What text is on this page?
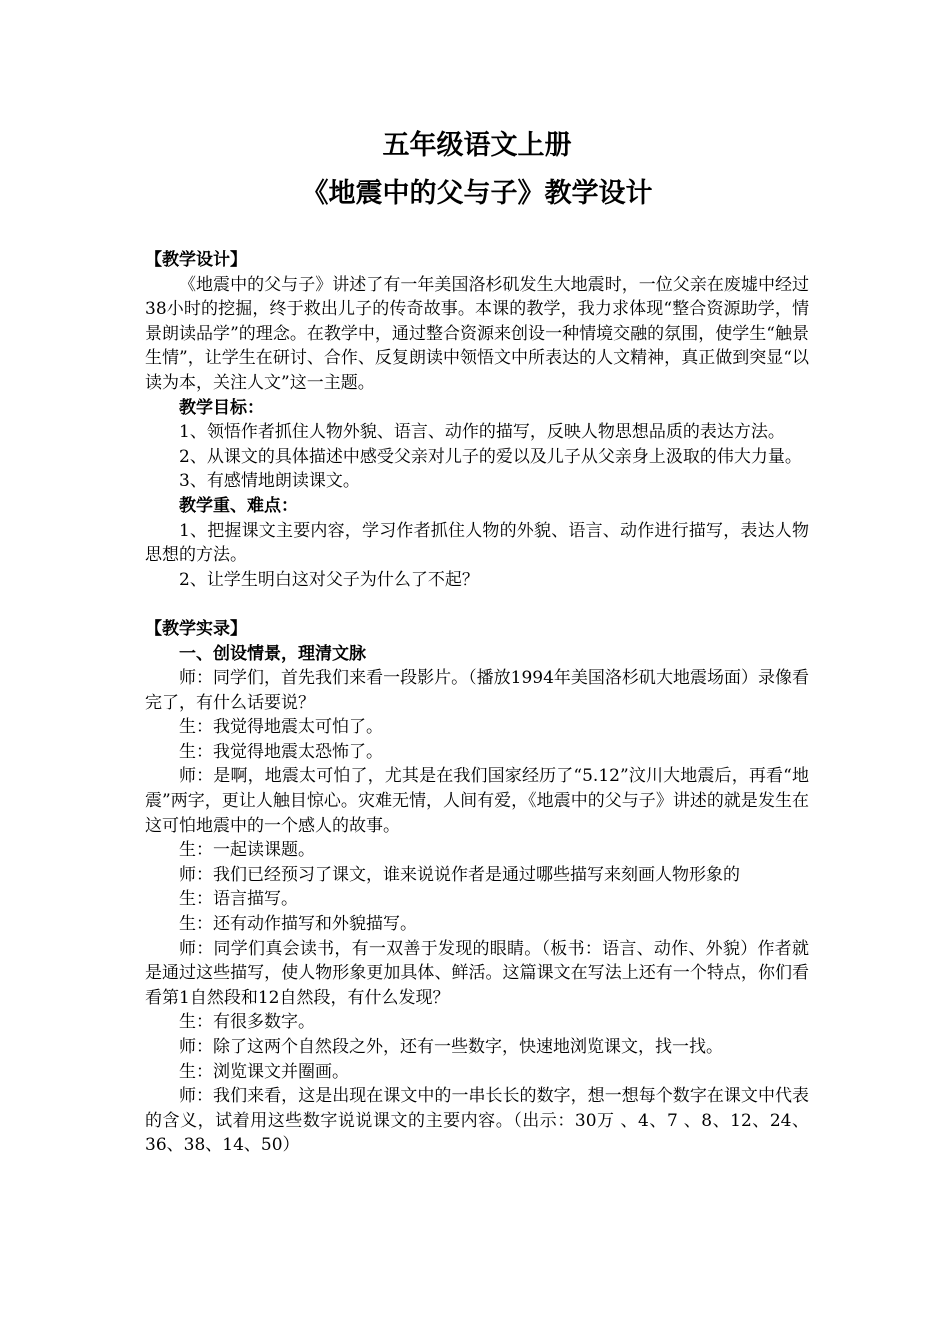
五年级语文上册
《地震中的父与子》教学设计
【教学设计】

《地震中的父与子》讲述了有一年美国洛杉矶发生大地震时，一位父亲在废墟中经过38小时的挖掘，终于救出儿子的传奇故事。本课的教学，我力求体现“整合资源助学，情景朗读品学”的理念。在教学中，通过整合资源来创设一种情境交融的氛围，使学生“触景生情”，让学生在研讨、合作、反复朗读中领悟文中所表达的人文精神，真正做到突显“以读为本，关注人文”这一主题。

教学目标：

1、领悟作者抓住人物外貌、语言、动作的描写，反映人物思想品质的表达方法。

2、从课文的具体描述中感受父亲对儿子的爱以及儿子从父亲身上汲取的伟大力量。

3、有感情地朗读课文。

教学重、难点：

1、把握课文主要内容，学习作者抓住人物的外貌、语言、动作进行描写，表达人物思想的方法。

2、让学生明白这对父子为什么了不起？

【教学实录】

一、创设情景，理清文脉

师：同学们，首先我们来看一段影片。（播放1994年美国洛杉矶大地震场面）录像看完了，有什么话要说？

生：我觉得地震太可怕了。

生：我觉得地震太恐怖了。

师：是啊，地震太可怕了，尤其是在我们国家经历了“5.12”汶川大地震后，再看“地震”两字，更让人触目惊心。灾难无情，人间有爱，《地震中的父与子》讲述的就是发生在这可怕地震中的一个感人的故事。

生：一起读课题。

师：我们已经预习了课文，谁来说说作者是通过哪些描写来刻画人物形象的

生：语言描写。

生：还有动作描写和外貌描写。

师：同学们真会读书，有一双善于发现的眼睛。（板书：语言、动作、外貌）作者就是通过这些描写，使人物形象更加具体、鲜活。这篇课文在写法上还有一个特点，你们看看第1自然段和12自然段，有什么发现？

生：有很多数字。

师：除了这两个自然段之外，还有一些数字，快速地浏览课文，找一找。

生：浏览课文并圈画。

师：我们来看，这是出现在课文中的一串长长的数字，想一想每个数字在课文中代表的含义，试着用这些数字说说课文的主要内容。（出示：30万 、4、7 、8、12、24、36、38、14、50）
